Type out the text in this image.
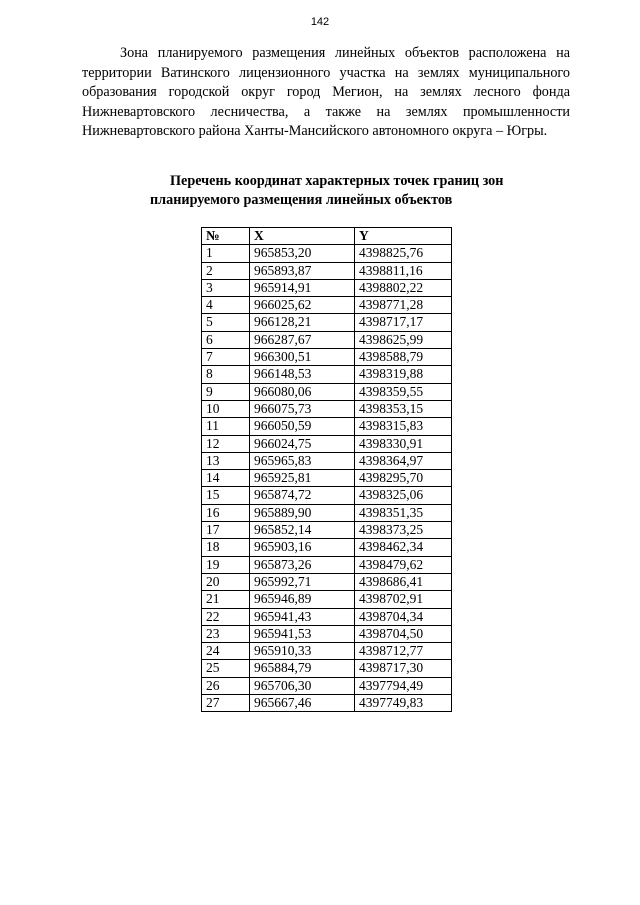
142

Зона планируемого размещения линейных объектов расположена на территории Ватинского лицензионного участка на землях муниципального образования городской округ город Мегион, на землях лесного фонда Нижневартовского лесничества, а также на землях промышленности Нижневартовского района Ханты-Мансийского автономного округа – Югры.

Перечень координат характерных точек границ зон
планируемого размещения линейных объектов
№	X	Y
1	965853,20	4398825,76
2	965893,87	4398811,16
3	965914,91	4398802,22
4	966025,62	4398771,28
5	966128,21	4398717,17
6	966287,67	4398625,99
7	966300,51	4398588,79
8	966148,53	4398319,88
9	966080,06	4398359,55
10	966075,73	4398353,15
11	966050,59	4398315,83
12	966024,75	4398330,91
13	965965,83	4398364,97
14	965925,81	4398295,70
15	965874,72	4398325,06
16	965889,90	4398351,35
17	965852,14	4398373,25
18	965903,16	4398462,34
19	965873,26	4398479,62
20	965992,71	4398686,41
21	965946,89	4398702,91
22	965941,43	4398704,34
23	965941,53	4398704,50
24	965910,33	4398712,77
25	965884,79	4398717,30
26	965706,30	4397794,49
27	965667,46	4397749,83
